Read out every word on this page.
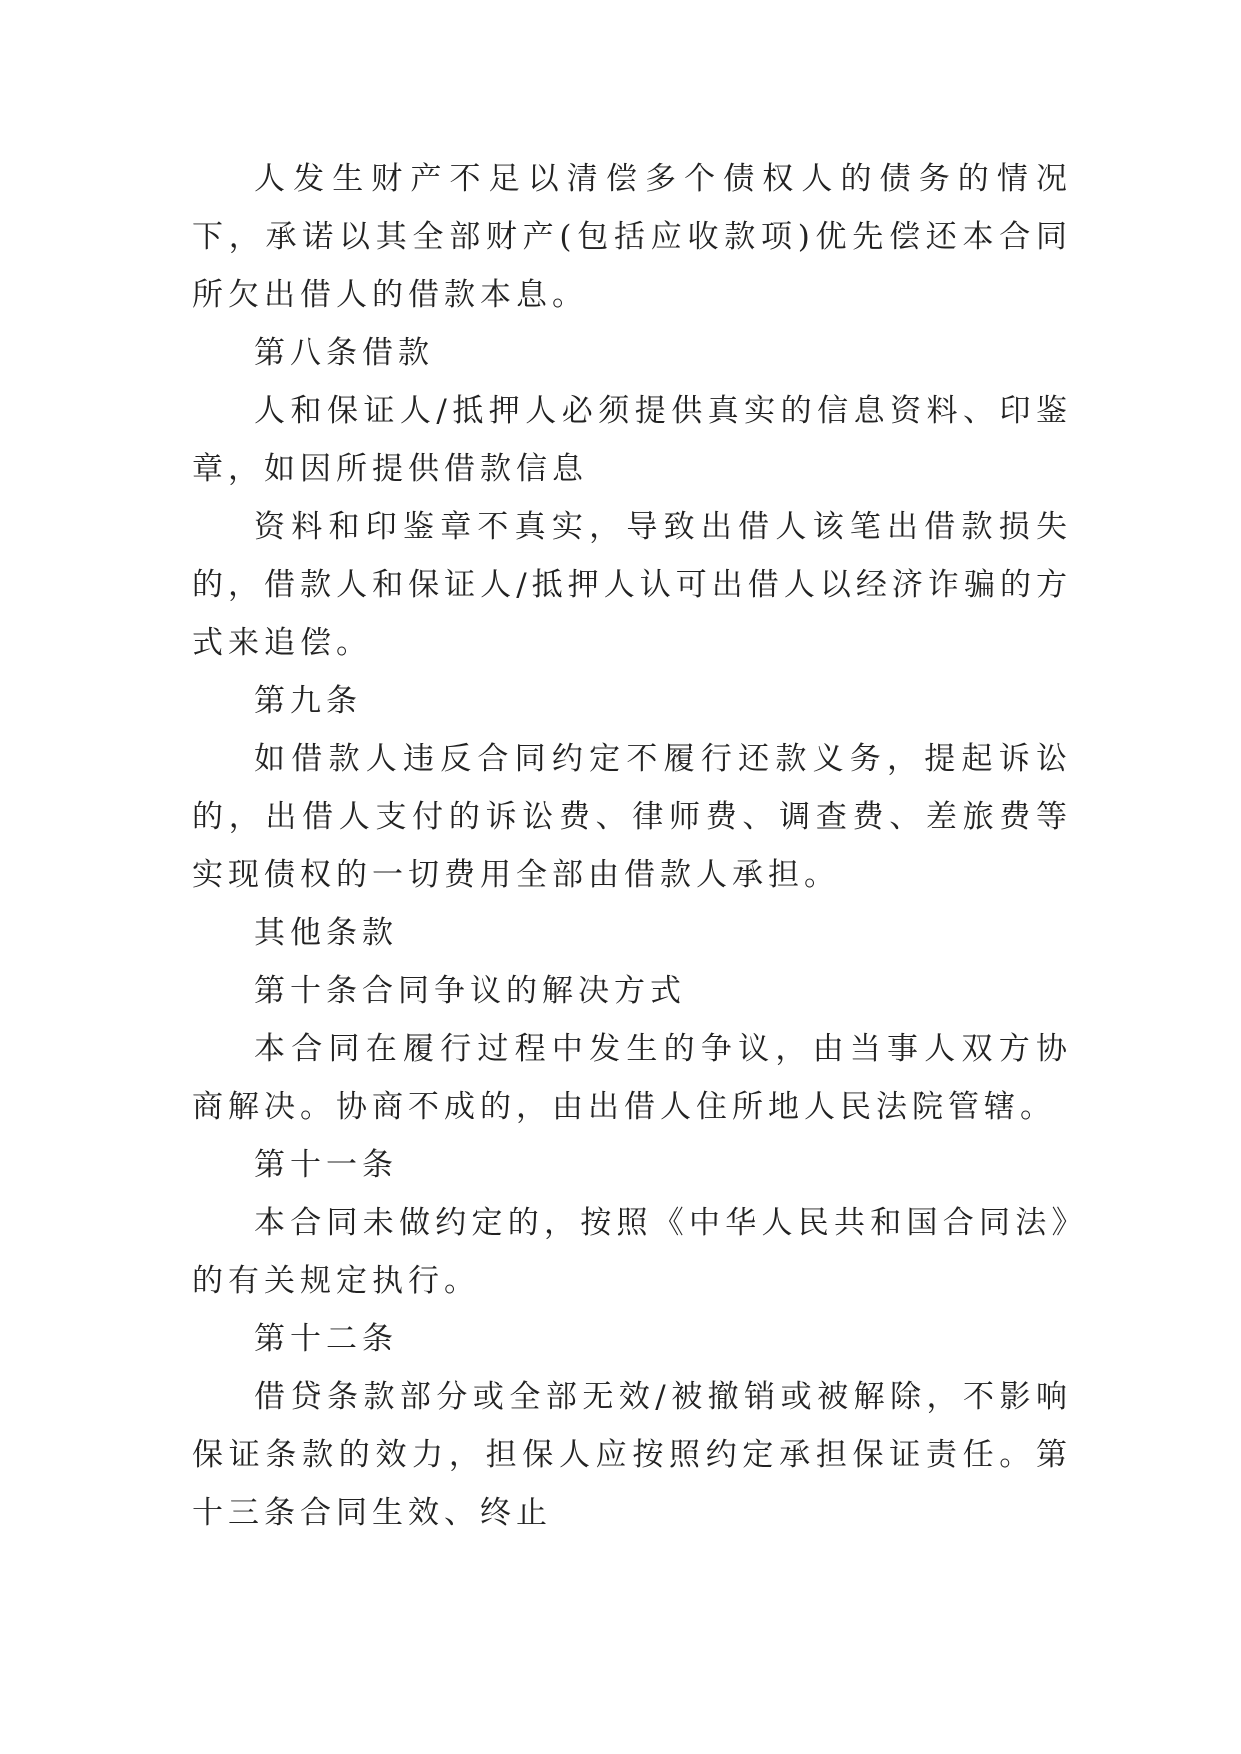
人发生财产不足以清偿多个债权人的债务的情况下，承诺以其全部财产(包括应收款项)优先偿还本合同所欠出借人的借款本息。

第八条借款

人和保证人/抵押人必须提供真实的信息资料、印鉴章，如因所提供借款信息

资料和印鉴章不真实，导致出借人该笔出借款损失的，借款人和保证人/抵押人认可出借人以经济诈骗的方式来追偿。

第九条

如借款人违反合同约定不履行还款义务，提起诉讼的，出借人支付的诉讼费、律师费、调查费、差旅费等实现债权的一切费用全部由借款人承担。

其他条款

第十条合同争议的解决方式

本合同在履行过程中发生的争议，由当事人双方协商解决。协商不成的，由出借人住所地人民法院管辖。

第十一条

本合同未做约定的，按照《中华人民共和国合同法》的有关规定执行。

第十二条

借贷条款部分或全部无效/被撤销或被解除，不影响保证条款的效力，担保人应按照约定承担保证责任。第十三条合同生效、终止
